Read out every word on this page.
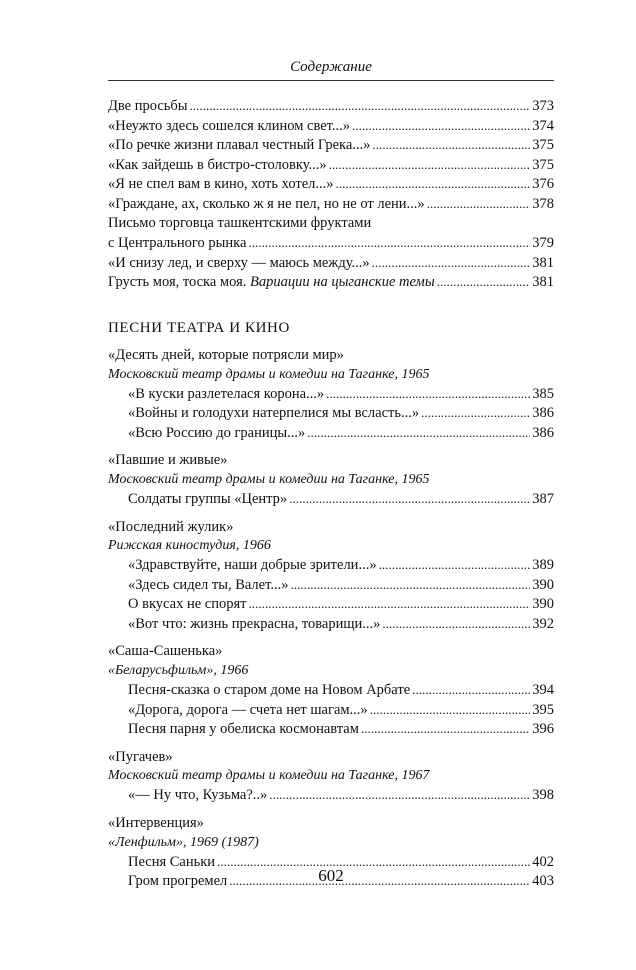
Содержание
Две просьбы . . .	373
«Неужто здесь сошелся клином свет...» . . .	374
«По речке жизни плавал честный Грека...» . . .	375
«Как зайдешь в бистро-столовку...» . . .	375
«Я не спел вам в кино, хоть хотел...» . . .	376
«Граждане, ах, сколько ж я не пел, но не от лени...» . . .	378
Письмо торговца ташкентскими фруктами
с Центрального рынка . . .	379
«И снизу лед, и сверху — маюсь между...» . . .	381
Грусть моя, тоска моя. Вариации на цыганские темы . . .	381
ПЕСНИ ТЕАТРА И КИНО
«Десять дней, которые потрясли мир»
Московский театр драмы и комедии на Таганке, 1965
«В куски разлетелася корона...» . . .	385
«Войны и голодухи натерпелися мы всласть...» . . .	386
«Всю Россию до границы...» . . .	386
«Павшие и живые»
Московский театр драмы и комедии на Таганке, 1965
Солдаты группы «Центр» . . .	387
«Последний жулик»
Рижская киностудия, 1966
«Здравствуйте, наши добрые зрители...» . . .	389
«Здесь сидел ты, Валет...» . . .	390
О вкусах не спорят . . .	390
«Вот что: жизнь прекрасна, товарищи...» . . .	392
«Саша-Сашенька»
«Беларусьфильм», 1966
Песня-сказка о старом доме на Новом Арбате . . .	394
«Дорога, дорога — счета нет шагам...» . . .	395
Песня парня у обелиска космонавтам . . .	396
«Пугачев»
Московский театр драмы и комедии на Таганке, 1967
«— Ну что, Кузьма?..» . . .	398
«Интервенция»
«Ленфильм», 1969 (1987)
Песня Саньки . . .	402
Гром прогремел . . .	403
602
